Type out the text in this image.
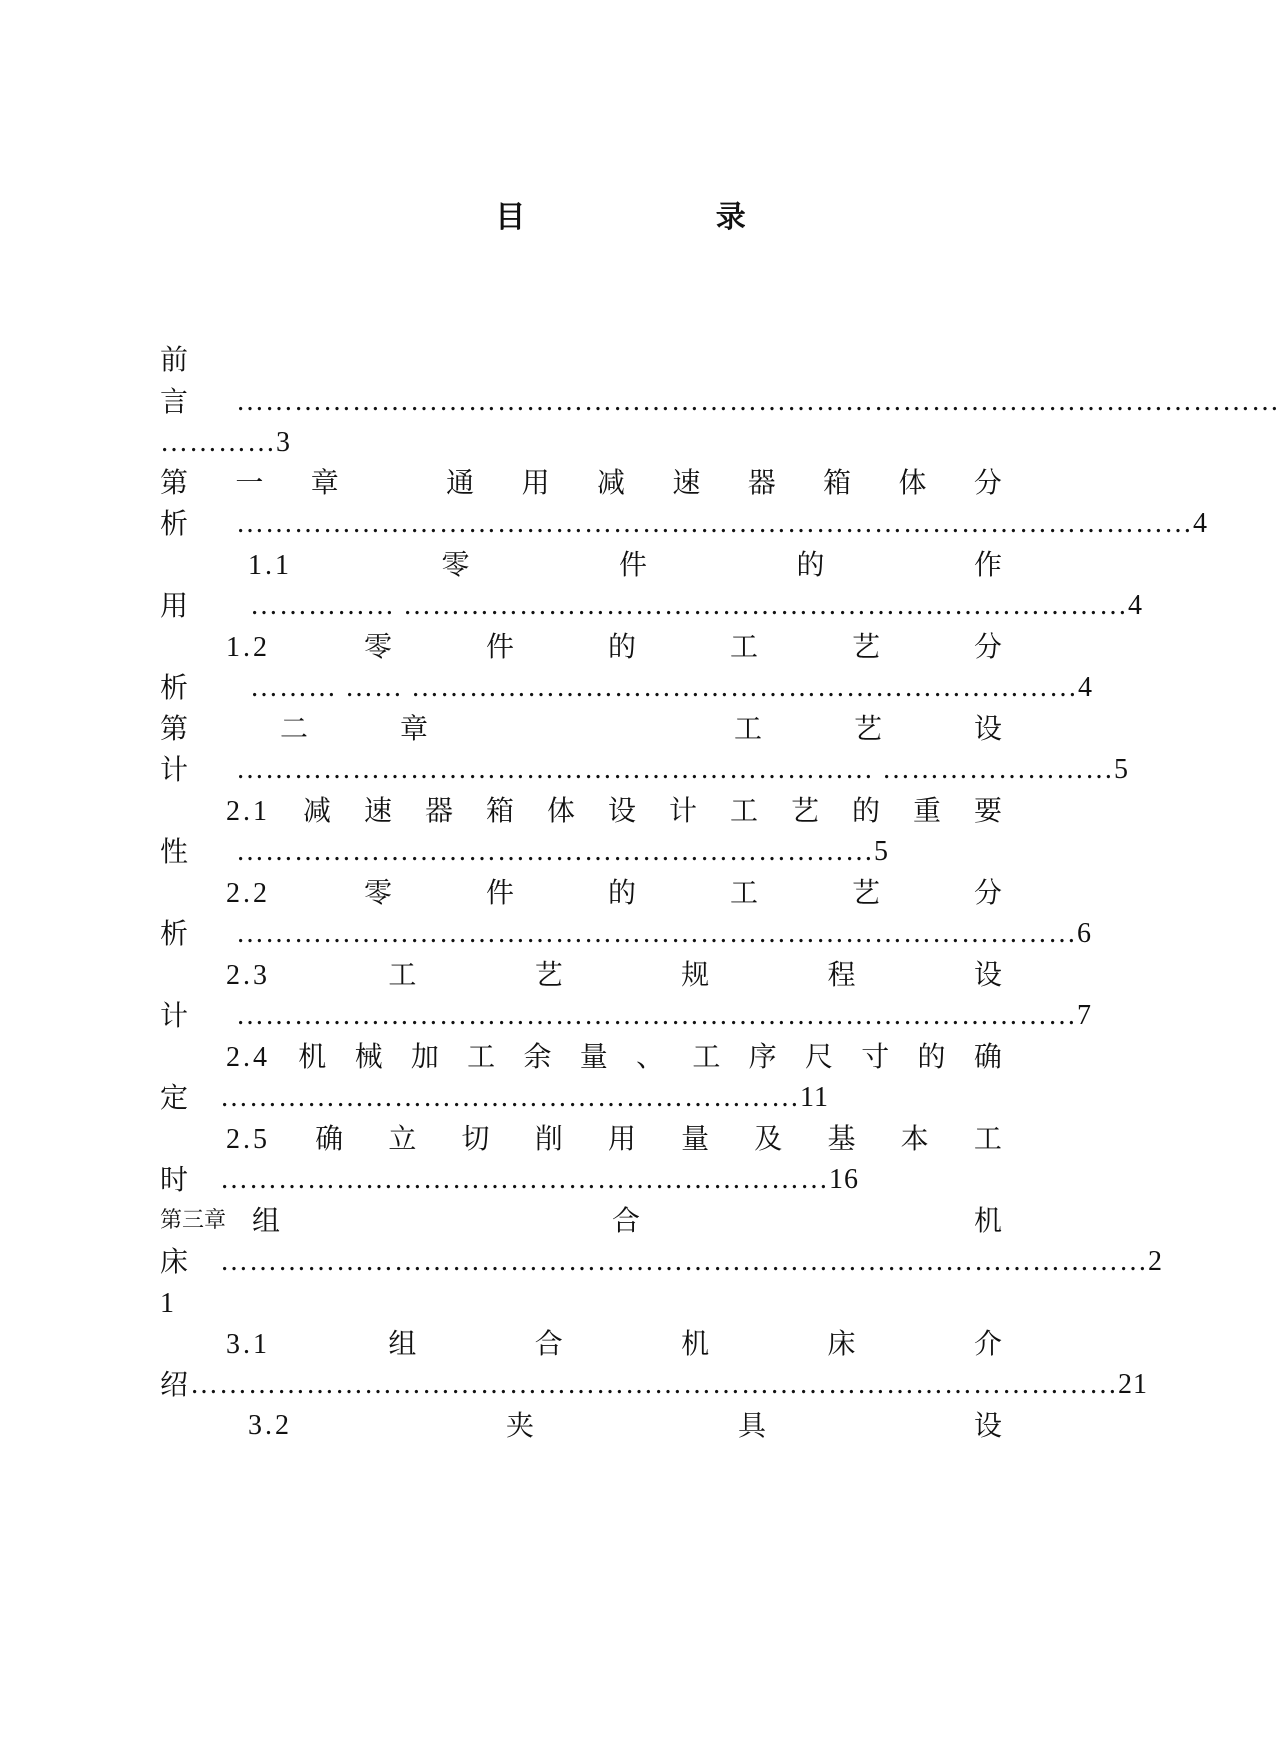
目 录
前
言 ………………………………………………………………………………………………
…………3
第 一 章	通 用 减 速 器 箱 体 分
析 ………………………………………………………………………………………4
1.1	零	件	的	作
用 …………… …………………………………………………………………4
1.2	零	件	的	工	艺	分
析 ……… …… ……………………………………………………………4
第	二	章	工	艺	设
计 ………………………………………………………… ……………………5
2.1 减 速 器 箱 体 设 计 工 艺 的 重 要
性 …………………………………………………………5
2.2	零	件	的	工	艺	分
析 ……………………………………………………………………………6
2.3	工	艺	规	程	设
计 ……………………………………………………………………………7
2.4 机 械 加 工 余 量 、 工 序 尺 寸 的 确
定 ……………………………………………………11
2.5 确 立 切 削 用 量 及 基 本 工
时 ………………………………………………………16
第三章 组	合	机
床 ……………………………………………………………………………………2
1
3.1	组	合	机	床	介
绍 ……………………………………………………………………………………21
3.2	夹	具	设
